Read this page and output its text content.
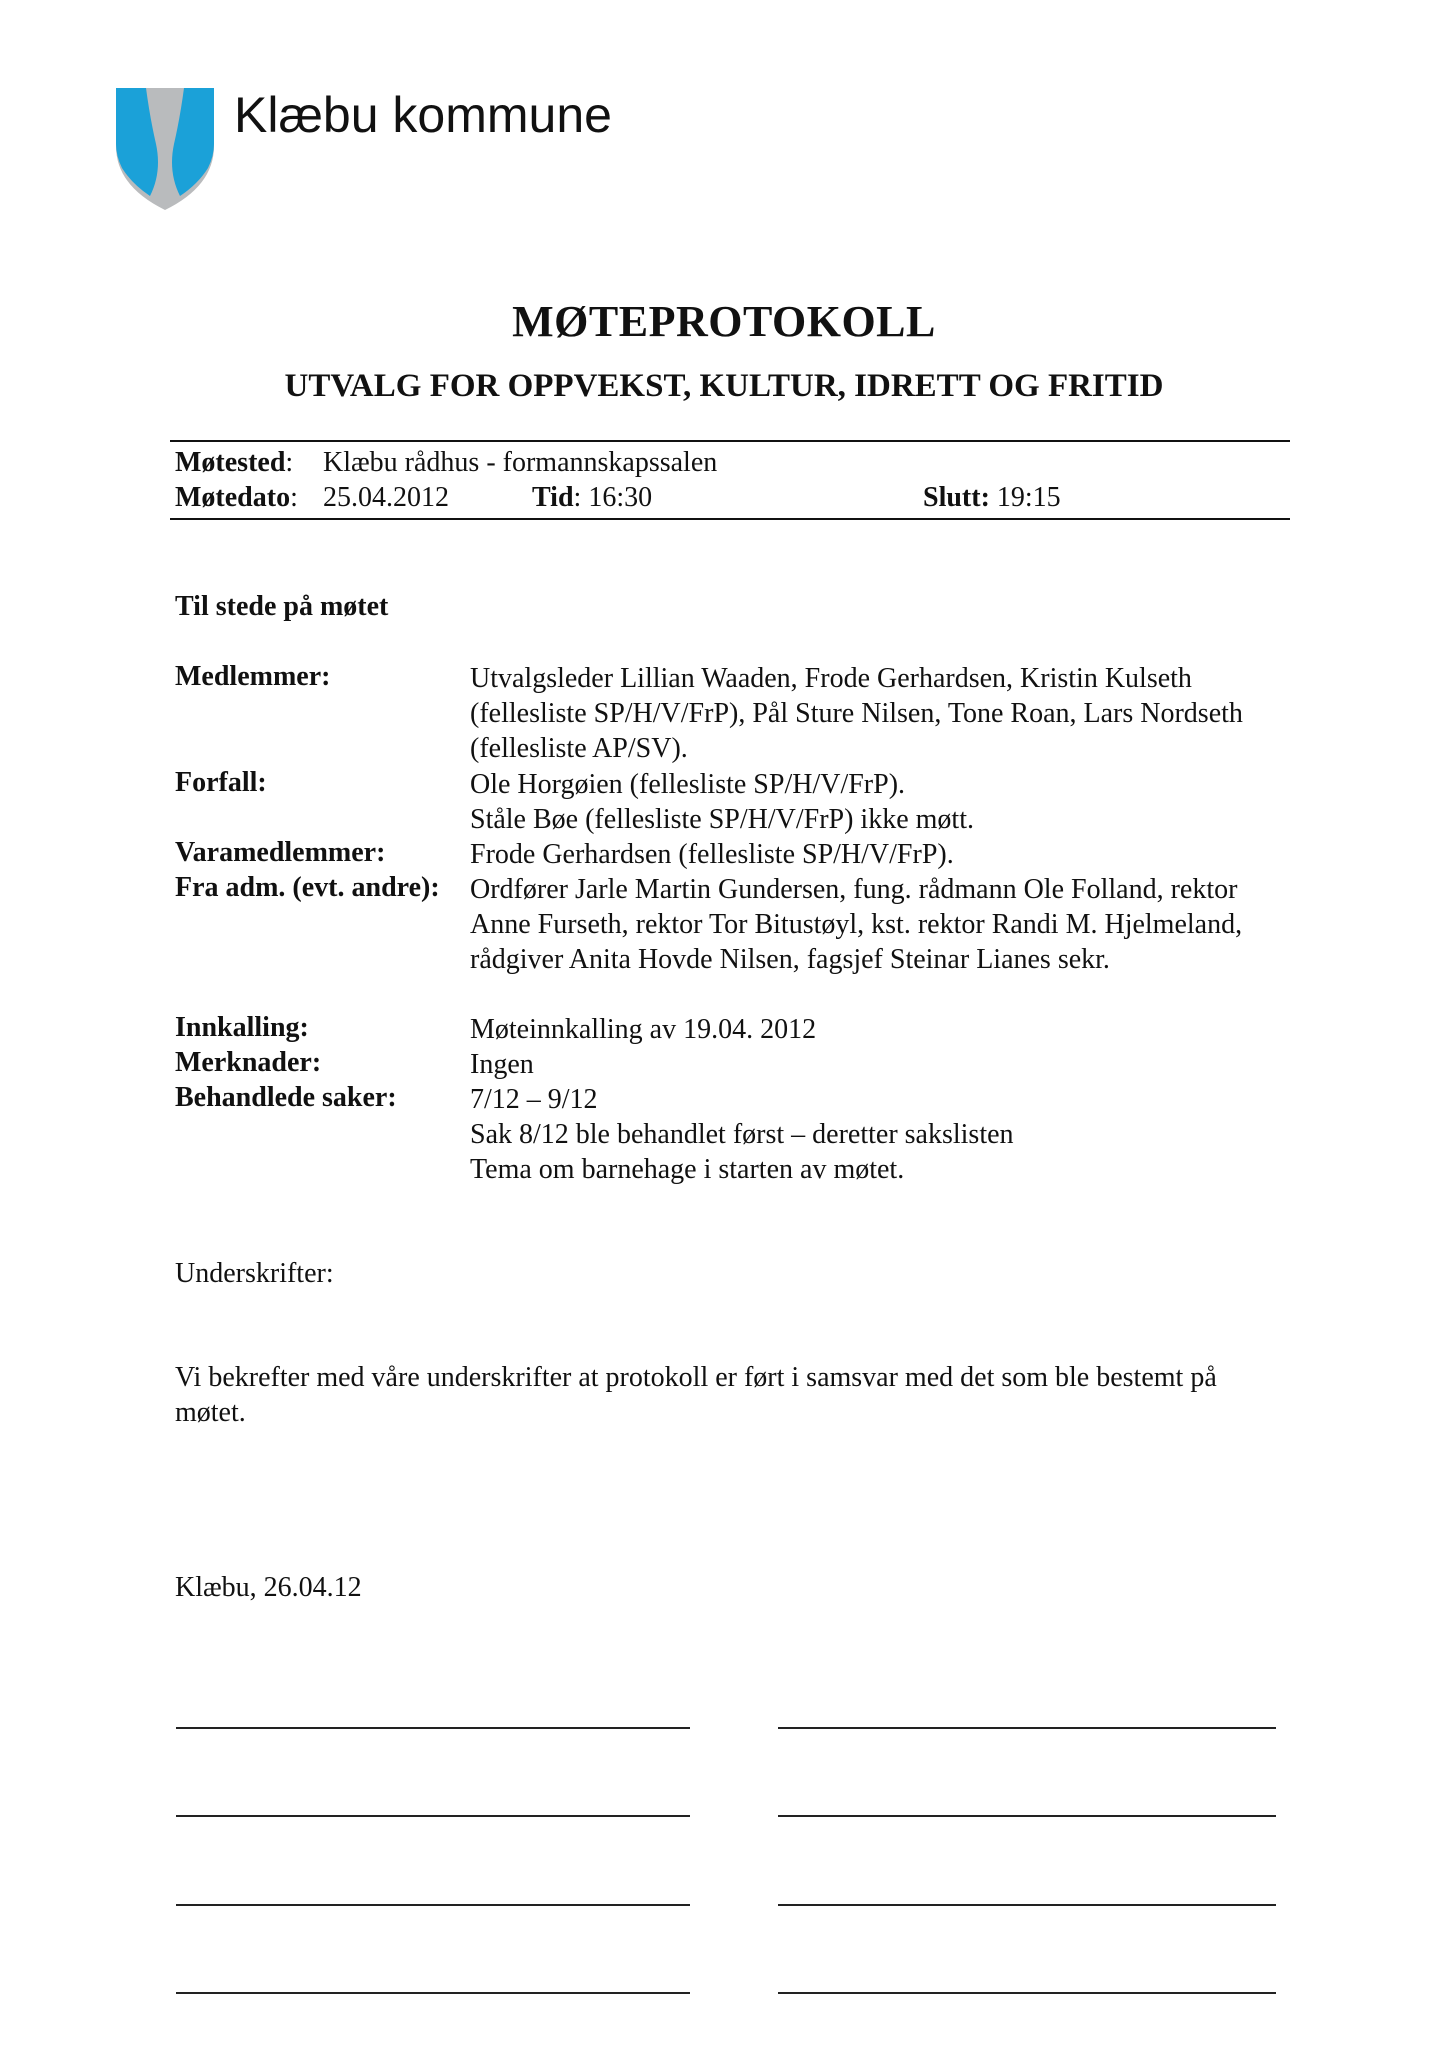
Klæbu kommune
MØTEPROTOKOLL
UTVALG FOR OPPVEKST, KULTUR, IDRETT OG FRITID
Møtested: Klæbu rådhus - formannskapssalen
Møtedato: 25.04.2012	Tid: 16:30	Slutt: 19:15
Til stede på møtet
Medlemmer:	Utvalgsleder Lillian Waaden, Frode Gerhardsen, Kristin Kulseth (fellesliste SP/H/V/FrP), Pål Sture Nilsen, Tone Roan, Lars Nordseth (fellesliste AP/SV).
Forfall:	Ole Horgøien (fellesliste SP/H/V/FrP).
Ståle Bøe (fellesliste SP/H/V/FrP) ikke møtt.
Varamedlemmer:	Frode Gerhardsen (fellesliste SP/H/V/FrP).
Fra adm. (evt. andre): Ordfører Jarle Martin Gundersen, fung. rådmann Ole Folland, rektor Anne Furseth, rektor Tor Bitustøyl, kst. rektor Randi M. Hjelmeland, rådgiver Anita Hovde Nilsen, fagsjef Steinar Lianes sekr.
Innkalling:	Møteinnkalling av 19.04. 2012
Merknader:	Ingen
Behandlede saker:	7/12 – 9/12
Sak 8/12 ble behandlet først – deretter sakslisten
Tema om barnehage i starten av møtet.
Underskrifter:
Vi bekrefter med våre underskrifter at protokoll er ført i samsvar med det som ble bestemt på møtet.
Klæbu, 26.04.12
